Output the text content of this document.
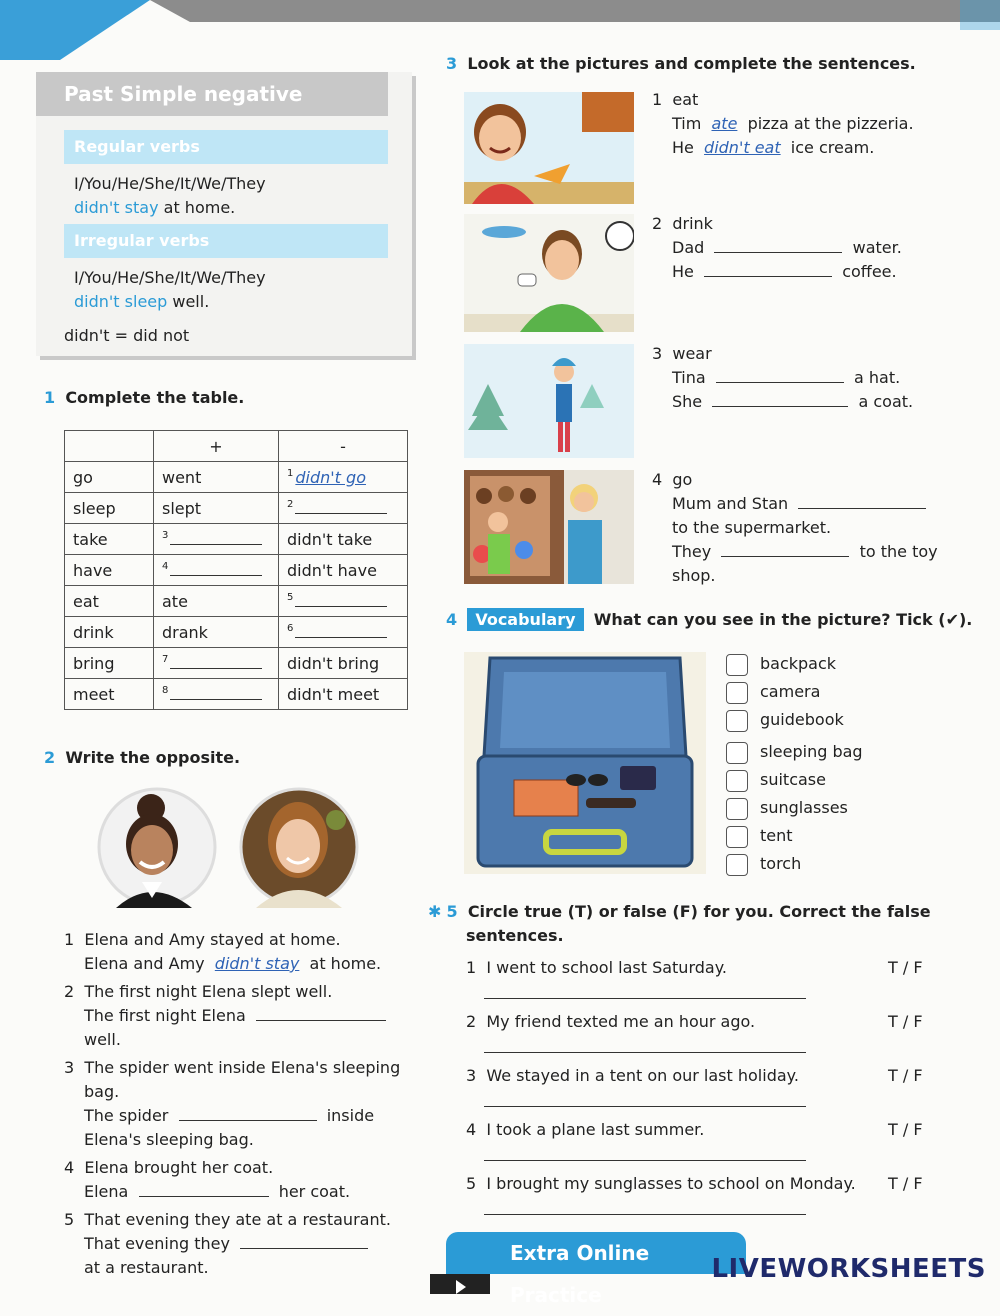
Past Simple negative
Regular verbs
I/You/He/She/It/We/They
didn't stay at home.
Irregular verbs
I/You/He/She/It/We/They
didn't sleep well.
didn't = did not
1 Complete the table.
	+	-
go	went	$^1$ didn't go
sleep	slept	$^2$
take	$^3$	didn't take
have	$^4$	didn't have
eat	ate	$^5$
drink	drank	$^6$
bring	$^7$	didn't bring
meet	$^8$	didn't meet
2 Write the opposite.
1 Elena and Amy stayed at home.
Elena and Amy didn't stay at home.
2 The first night Elena slept well.
The first night Elena
well.
3 The spider went inside Elena's sleeping
bag.
The spider	inside
Elena's sleeping bag.
4 Elena brought her coat.
Elena	her coat.
5 That evening they ate at a restaurant.
That evening they
at a restaurant.
3 Look at the pictures and complete the sentences.
1 eat
Tim ate pizza at the pizzeria.
He didn't eat ice cream.
2 drink
Dad	water.
He	coffee.
3 wear
Tina	a hat.
She	a coat.
4 go
Mum and Stan
to the supermarket.
They	to the toy
shop.
4 Vocabulary What can you see in the picture? Tick (✔).
backpack
camera
guidebook
sleeping bag
suitcase
sunglasses
tent
torch
✱ 5 Circle true (T) or false (F) for you. Correct the false
sentences.
1 I went to school last Saturday.	T / F
2 My friend texted me an hour ago.	T / F
3 We stayed in a tent on our last holiday.	T / F
4 I took a plane last summer.	T / F
5 I brought my sunglasses to school on Monday.	T / F
Extra Online Practice
LIVEWORKSHEETS
